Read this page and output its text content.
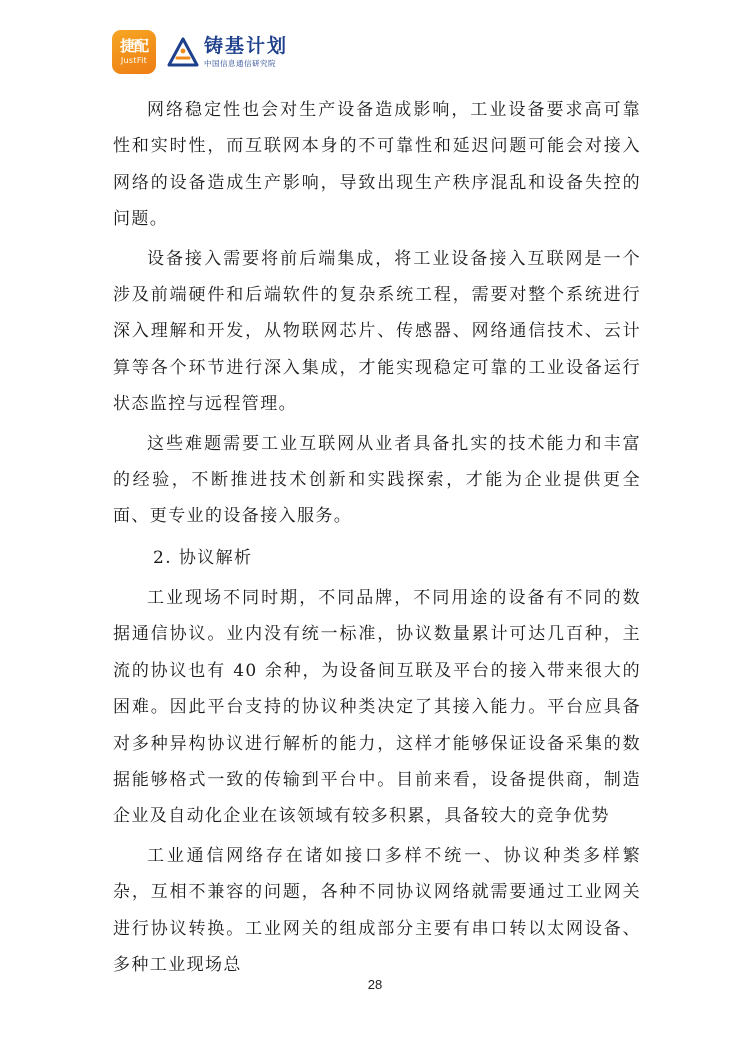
捷配
JustFit
铸基计划
中国信息通信研究院

网络稳定性也会对生产设备造成影响，工业设备要求高可靠性和实时性，而互联网本身的不可靠性和延迟问题可能会对接入网络的设备造成生产影响，导致出现生产秩序混乱和设备失控的问题。

设备接入需要将前后端集成，将工业设备接入互联网是一个涉及前端硬件和后端软件的复杂系统工程，需要对整个系统进行深入理解和开发，从物联网芯片、传感器、网络通信技术、云计算等各个环节进行深入集成，才能实现稳定可靠的工业设备运行状态监控与远程管理。

这些难题需要工业互联网从业者具备扎实的技术能力和丰富的经验，不断推进技术创新和实践探索，才能为企业提供更全面、更专业的设备接入服务。

2. 协议解析

工业现场不同时期，不同品牌，不同用途的设备有不同的数据通信协议。业内没有统一标准，协议数量累计可达几百种，主流的协议也有 40 余种，为设备间互联及平台的接入带来很大的困难。因此平台支持的协议种类决定了其接入能力。平台应具备对多种异构协议进行解析的能力，这样才能够保证设备采集的数据能够格式一致的传输到平台中。目前来看，设备提供商，制造企业及自动化企业在该领域有较多积累，具备较大的竞争优势

工业通信网络存在诸如接口多样不统一、协议种类多样繁杂，互相不兼容的问题，各种不同协议网络就需要通过工业网关进行协议转换。工业网关的组成部分主要有串口转以太网设备、多种工业现场总

28
